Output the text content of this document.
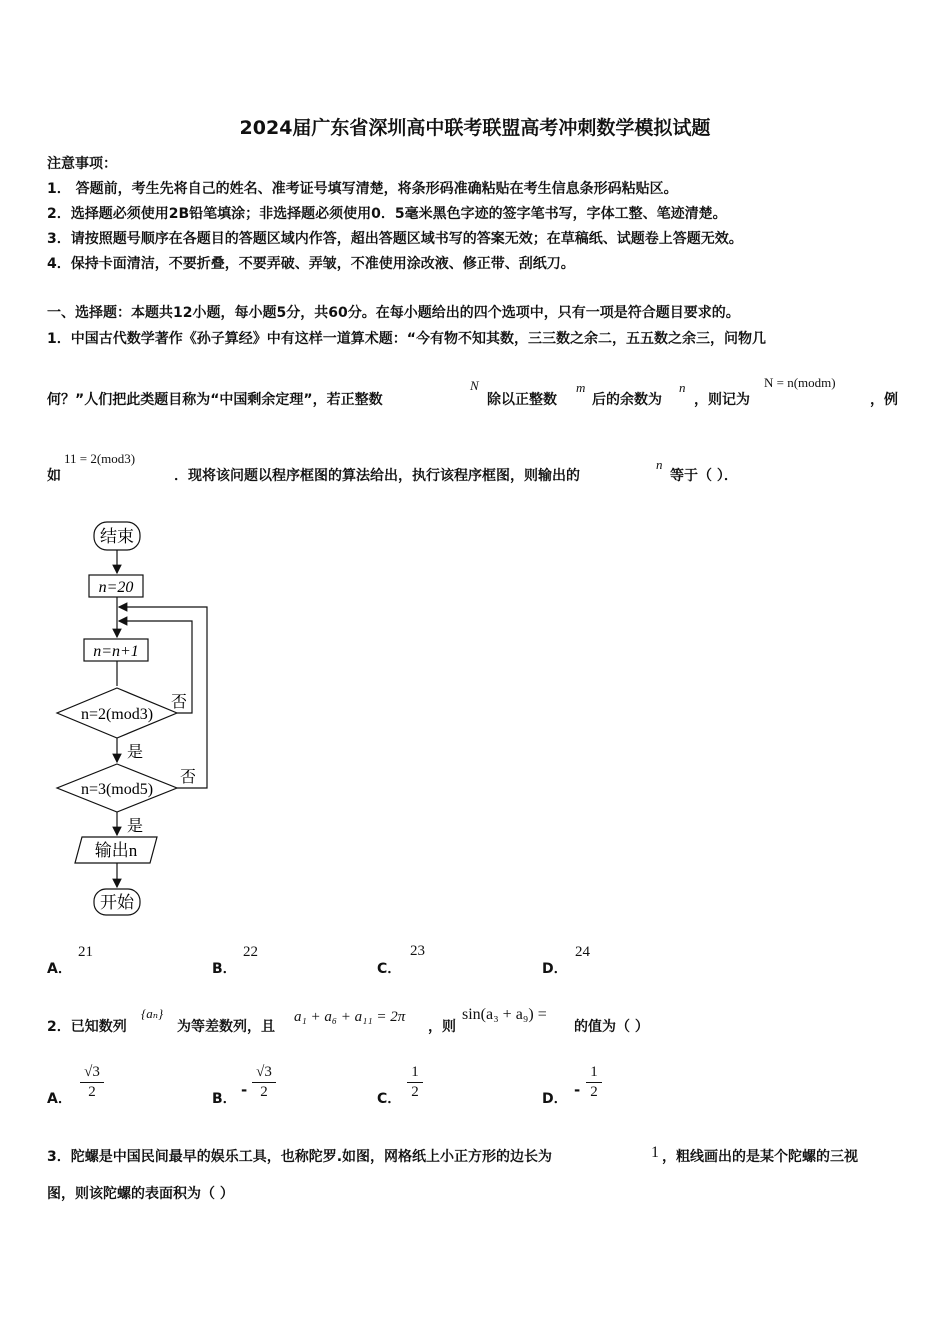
2024届广东省深圳高中联考联盟高考冲刺数学模拟试题
注意事项：
1． 答题前，考生先将自己的姓名、准考证号填写清楚，将条形码准确粘贴在考生信息条形码粘贴区。
2．选择题必须使用2B铅笔填涂；非选择题必须使用0．5毫米黑色字迹的签字笔书写，字体工整、笔迹清楚。
3．请按照题号顺序在各题目的答题区域内作答，超出答题区域书写的答案无效；在草稿纸、试题卷上答题无效。
4．保持卡面清洁，不要折叠，不要弄破、弄皱，不准使用涂改液、修正带、刮纸刀。
一、选择题：本题共12小题，每小题5分，共60分。在每小题给出的四个选项中，只有一项是符合题目要求的。
1．中国古代数学著作《孙子算经》中有这样一道算术题：“今有物不知其数，三三数之余二，五五数之余三，问物几
何？”人们把此类题目称为“中国剩余定理”，若正整数
N
除以正整数
m
后的余数为
n
，则记为
N = n(modm)
，例
如
11 = 2(mod3)
．现将该问题以程序框图的算法给出，执行该程序框图，则输出的
n
等于（ ）．
结束
n=20
n=n+1
n=2(mod3)
否
是
n=3(mod5)
否
是
输出n
开始
A．
21
B．
22
C．
23
D．
24
2．已知数列
{aₙ}
为等差数列，且
a₁ + a₆ + a₁₁ = 2π
，则
sin(a₃ + a₉) =
的值为（ ）
A．
√3
2	B． -
√3
2	C．
1
2	D． -
1
2
3．陀螺是中国民间最早的娱乐工具，也称陀罗.如图，网格纸上小正方形的边长为	1 ，粗线画出的是某个陀螺的三视
图，则该陀螺的表面积为（ ）
